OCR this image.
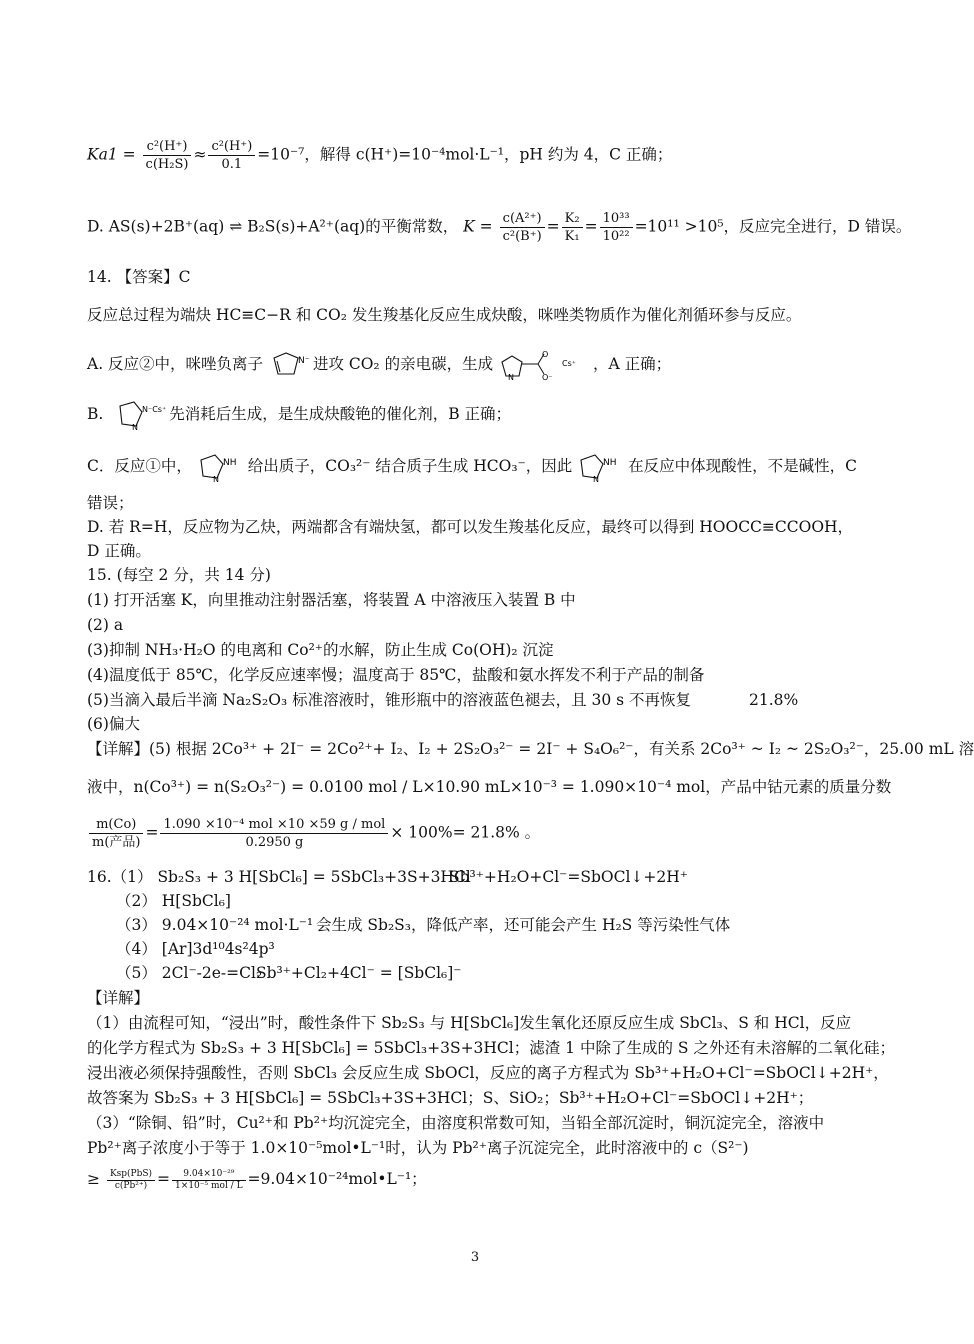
$Ka1 = \frac{\text{c²(H⁺)}}{\text{c(H₂S)}} \approx \frac{\text{c²(H⁺)}}{0.1} =10^{-7}$，解得 c(H⁺)=10⁻⁴mol·L⁻¹，pH 约为 4，C 正确；
D. AS(s)+2B⁺(aq) ⇌ B₂S(s)+A²⁺(aq)的平衡常数， $K = \frac{\text{c(A²⁺)}}{\text{c²(B⁺)}} = \frac{\text{K₂}}{\text{K₁}} = \frac{\text{10³³}}{\text{10²²}} =10^{11} >10^5$，反应完全进行，D 错误。
14. 【答案】C
反应总过程为端炔 HC≡C−R 和 CO₂ 发生羧基化反应生成炔酸，咪唑类物质作为催化剂循环参与反应。
A. 反应②中，咪唑负离子	N⁻ 进攻 CO₂ 的亲电碳，生成
N
O
O⁻
Cs⁺ ，A 正确；
B.
N
N⁻Cs⁺ 先消耗后生成，是生成炔酸铯的催化剂，B 正确；
C．反应①中，
N
NH 给出质子，CO₃²⁻ 结合质子生成 HCO₃⁻，因此
N
NH 在反应中体现酸性，不是碱性，C
错误；
D. 若 R=H，反应物为乙炔，两端都含有端炔氢，都可以发生羧基化反应，最终可以得到 HOOCC≡CCOOH，
D 正确。
15. (每空 2 分，共 14 分)
(1) 打开活塞 K，向里推动注射器活塞，将装置 A 中溶液压入装置 B 中
(2) a
(3)抑制 NH₃·H₂O 的电离和 Co²⁺的水解，防止生成 Co(OH)₂ 沉淀
(4)温度低于 85℃，化学反应速率慢；温度高于 85℃，盐酸和氨水挥发不利于产品的制备
(5)当滴入最后半滴 Na₂S₂O₃ 标准溶液时，锥形瓶中的溶液蓝色褪去，且 30 s 不再恢复	21.8%
(6)偏大
【详解】(5) 根据 2Co³⁺ + 2I⁻ = 2Co²⁺+ I₂、I₂ + 2S₂O₃²⁻ = 2I⁻ + S₄O₆²⁻，有关系 2Co³⁺ ~ I₂ ~ 2S₂O₃²⁻，25.00 mL 溶
液中，n(Co³⁺) = n(S₂O₃²⁻) = 0.0100 mol / L×10.90 mL×10⁻³ = 1.090×10⁻⁴ mol，产品中钴元素的质量分数
$\frac{m(Co)}{\text{m(产品)}} = \frac{\text{1.090 ×10⁻⁴ mol ×10 ×59 g / mol}}{0.2950 g} \times 100\%= 21.8\%$ 。
16.（1） Sb₂S₃ + 3 H[SbCl₆] = 5SbCl₃+3S+3HCl
Sb³⁺+H₂O+Cl⁻=SbOCl↓+2H⁺
（2） H[SbCl₆]
（3） 9.04×10⁻²⁴ mol·L⁻¹ 会生成 Sb₂S₃，降低产率，还可能会产生 H₂S 等污染性气体
（4） [Ar]3d¹⁰4s²4p³
（5） 2Cl⁻-2e-=Cl₂
Sb³⁺+Cl₂+4Cl⁻ = [SbCl₆]⁻
【详解】
（1）由流程可知，“浸出”时，酸性条件下 Sb₂S₃ 与 H[SbCl₆]发生氧化还原反应生成 SbCl₃、S 和 HCl，反应
的化学方程式为 Sb₂S₃ + 3 H[SbCl₆] = 5SbCl₃+3S+3HCl；滤渣 1 中除了生成的 S 之外还有未溶解的二氧化硅；
浸出液必须保持强酸性，否则 SbCl₃ 会反应生成 SbOCl，反应的离子方程式为 Sb³⁺+H₂O+Cl⁻=SbOCl↓+2H⁺，
故答案为 Sb₂S₃ + 3 H[SbCl₆] = 5SbCl₃+3S+3HCl；S、SiO₂；Sb³⁺+H₂O+Cl⁻=SbOCl↓+2H⁺；
（3）“除铜、铅”时，Cu²⁺和 Pb²⁺均沉淀完全，由溶度积常数可知，当铅全部沉淀时，铜沉淀完全，溶液中
Pb²⁺离子浓度小于等于 1.0×10⁻⁵mol•L⁻¹时，认为 Pb²⁺离子沉淀完全，此时溶液中的 c（S²⁻)
≥ $\frac{\text{Ksp(PbS)}}{\text{c(Pb²⁺)}} = \frac{\text{9.04×10⁻²⁹}}{\text{1×10⁻⁵ mol / L}}$ =9.04×10⁻²⁴mol•L⁻¹；
3
